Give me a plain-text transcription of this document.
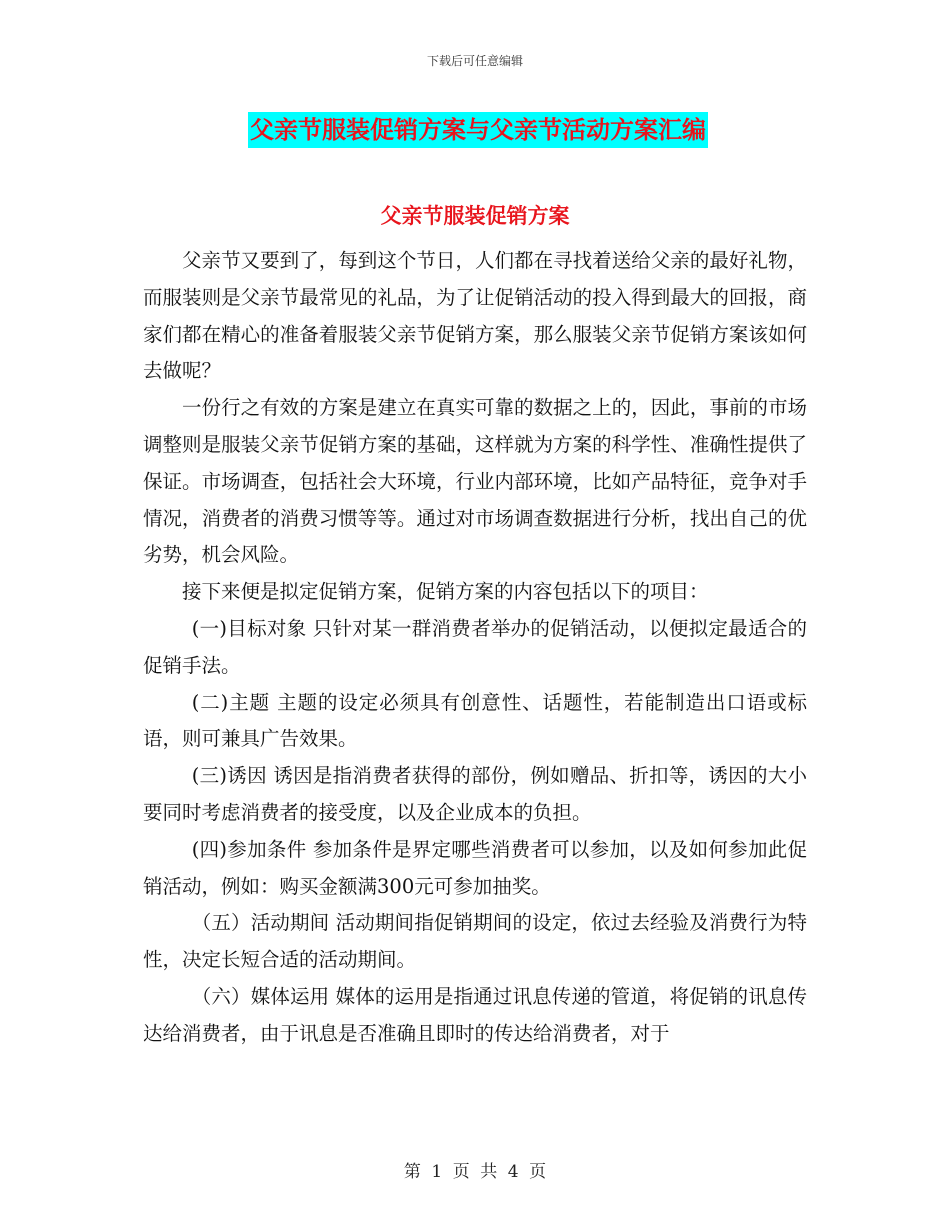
下载后可任意编辑
父亲节服装促销方案与父亲节活动方案汇编
父亲节服装促销方案

父亲节又要到了，每到这个节日，人们都在寻找着送给父亲的最好礼物，而服装则是父亲节最常见的礼品，为了让促销活动的投入得到最大的回报，商家们都在精心的准备着服装父亲节促销方案，那么服装父亲节促销方案该如何去做呢？

一份行之有效的方案是建立在真实可靠的数据之上的，因此，事前的市场调整则是服装父亲节促销方案的基础，这样就为方案的科学性、准确性提供了保证。市场调查，包括社会大环境，行业内部环境，比如产品特征，竞争对手情况，消费者的消费习惯等等。通过对市场调查数据进行分析，找出自己的优劣势，机会风险。

接下来便是拟定促销方案，促销方案的内容包括以下的项目：

(一)目标对象 只针对某一群消费者举办的促销活动，以便拟定最适合的促销手法。

(二)主题 主题的设定必须具有创意性、话题性，若能制造出口语或标语，则可兼具广告效果。

(三)诱因 诱因是指消费者获得的部份，例如赠品、折扣等，诱因的大小要同时考虑消费者的接受度，以及企业成本的负担。

(四)参加条件 参加条件是界定哪些消费者可以参加，以及如何参加此促销活动，例如：购买金额满300元可参加抽奖。

（五）活动期间 活动期间指促销期间的设定，依过去经验及消费行为特性，决定长短合适的活动期间。

（六）媒体运用 媒体的运用是指通过讯息传递的管道，将促销的讯息传达给消费者，由于讯息是否准确且即时的传达给消费者，对于

第 1 页 共 4 页
